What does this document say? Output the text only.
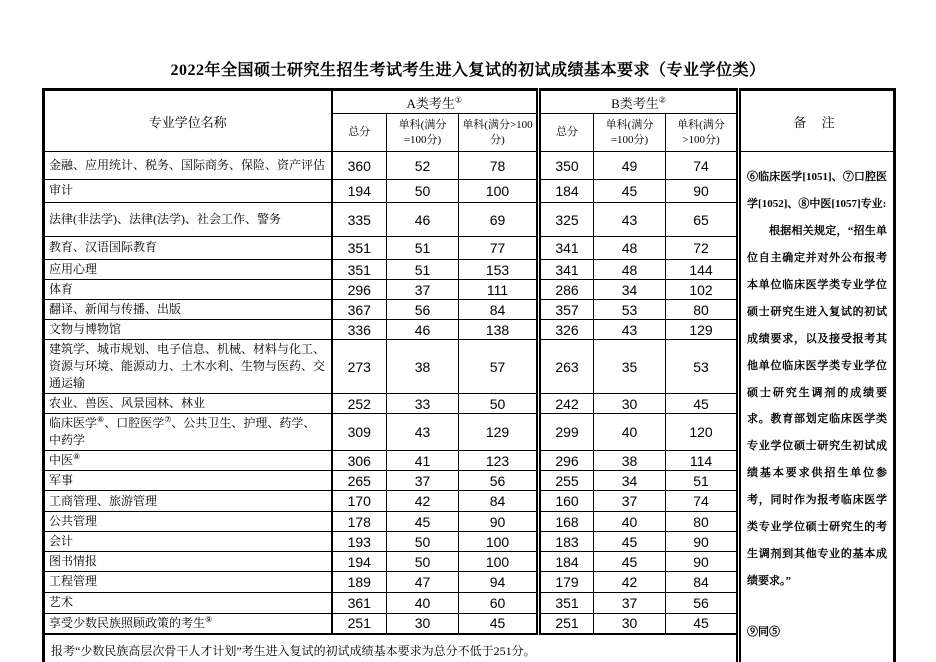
2022年全国硕士研究生招生考试考生进入复试的初试成绩基本要求（专业学位类）
专业学位名称	A类考生①			B类考生②			备 注
	总分	单科(满分=100分)	单科(满分>100分)	总分	单科(满分=100分)	单科(满分>100分)	
金融、应用统计、税务、国际商务、保险、资产评估	360	52	78	350	49	74	⑥临床医学[1051]、⑦口腔医学[1052]、⑧中医[1057]专业:

根据相关规定，“招生单位自主确定并对外公布报考本单位临床医学类专业学位硕士研究生进入复试的初试成绩要求，以及接受报考其他单位临床医学类专业学位硕士研究生调剂的成绩要求。教育部划定临床医学类专业学位硕士研究生初试成绩基本要求供招生单位参考，同时作为报考临床医学类专业学位硕士研究生的考生调剂到其他专业的基本成绩要求。”

⑨同⑤

审计	194	50	100	184	45	90	
法律(非法学)、法律(法学)、社会工作、警务	335	46	69	325	43	65	
教育、汉语国际教育	351	51	77	341	48	72	
应用心理	351	51	153	341	48	144	
体育	296	37	111	286	34	102	
翻译、新闻与传播、出版	367	56	84	357	53	80	
文物与博物馆	336	46	138	326	43	129	
建筑学、城市规划、电子信息、机械、材料与化工、资源与环境、能源动力、土木水利、生物与医药、交通运输	273	38	57	263	35	53	
农业、兽医、风景园林、林业	252	33	50	242	30	45	
临床医学⑥、口腔医学⑦、公共卫生、护理、药学、中药学	309	43	129	299	40	120	
中医⑧	306	41	123	296	38	114	
军事	265	37	56	255	34	51	
工商管理、旅游管理	170	42	84	160	37	74	
公共管理	178	45	90	168	40	80	
会计	193	50	100	183	45	90	
图书情报	194	50	100	184	45	90	
工程管理	189	47	94	179	42	84	
艺术	361	40	60	351	37	56	
享受少数民族照顾政策的考生⑨	251	30	45	251	30	45	
报考“少数民族高层次骨干人才计划”考生进入复试的初试成绩基本要求为总分不低于251分。							
